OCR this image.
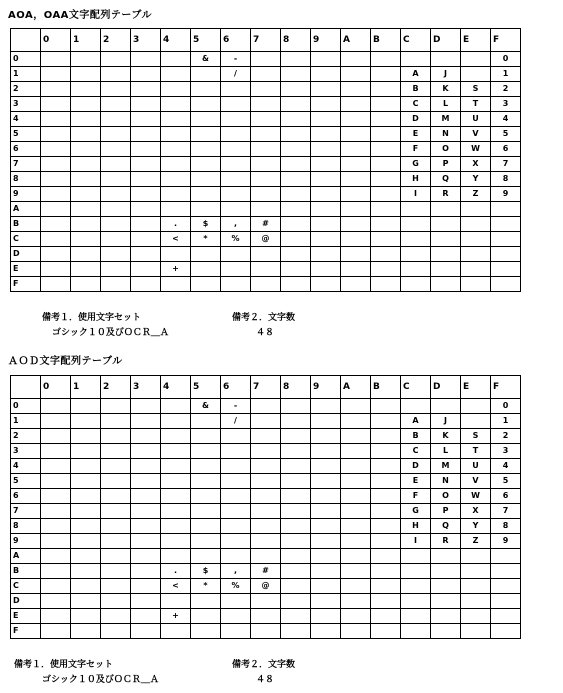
AOA，OAA文字配列テーブル
	0	1	2	3	4	5	6	7	8	9	A	B	C	D	E	F
0						&	-									0
1							/						A	J		1
2													B	K	S	2
3													C	L	T	3
4													D	M	U	4
5													E	N	V	5
6													F	O	W	6
7													G	P	X	7
8													H	Q	Y	8
9													I	R	Z	9
A																
B					.	$	,	#								
C					<	*	%	@								
D																
E					+											
F																
備考１．使用文字セット
ゴシック１０及びＯＣＲ＿Ａ
備考２．文字数
４８
ＡＯＤ文字配列テーブル
	0	1	2	3	4	5	6	7	8	9	A	B	C	D	E	F
0						&	-									0
1							/						A	J		1
2													B	K	S	2
3													C	L	T	3
4													D	M	U	4
5													E	N	V	5
6													F	O	W	6
7													G	P	X	7
8													H	Q	Y	8
9													I	R	Z	9
A																
B					.	$	,	#								
C					<	*	%	@								
D																
E					+											
F																
備考１．使用文字セット
ゴシック１０及びＯＣＲ＿Ａ
備考２．文字数
４８
